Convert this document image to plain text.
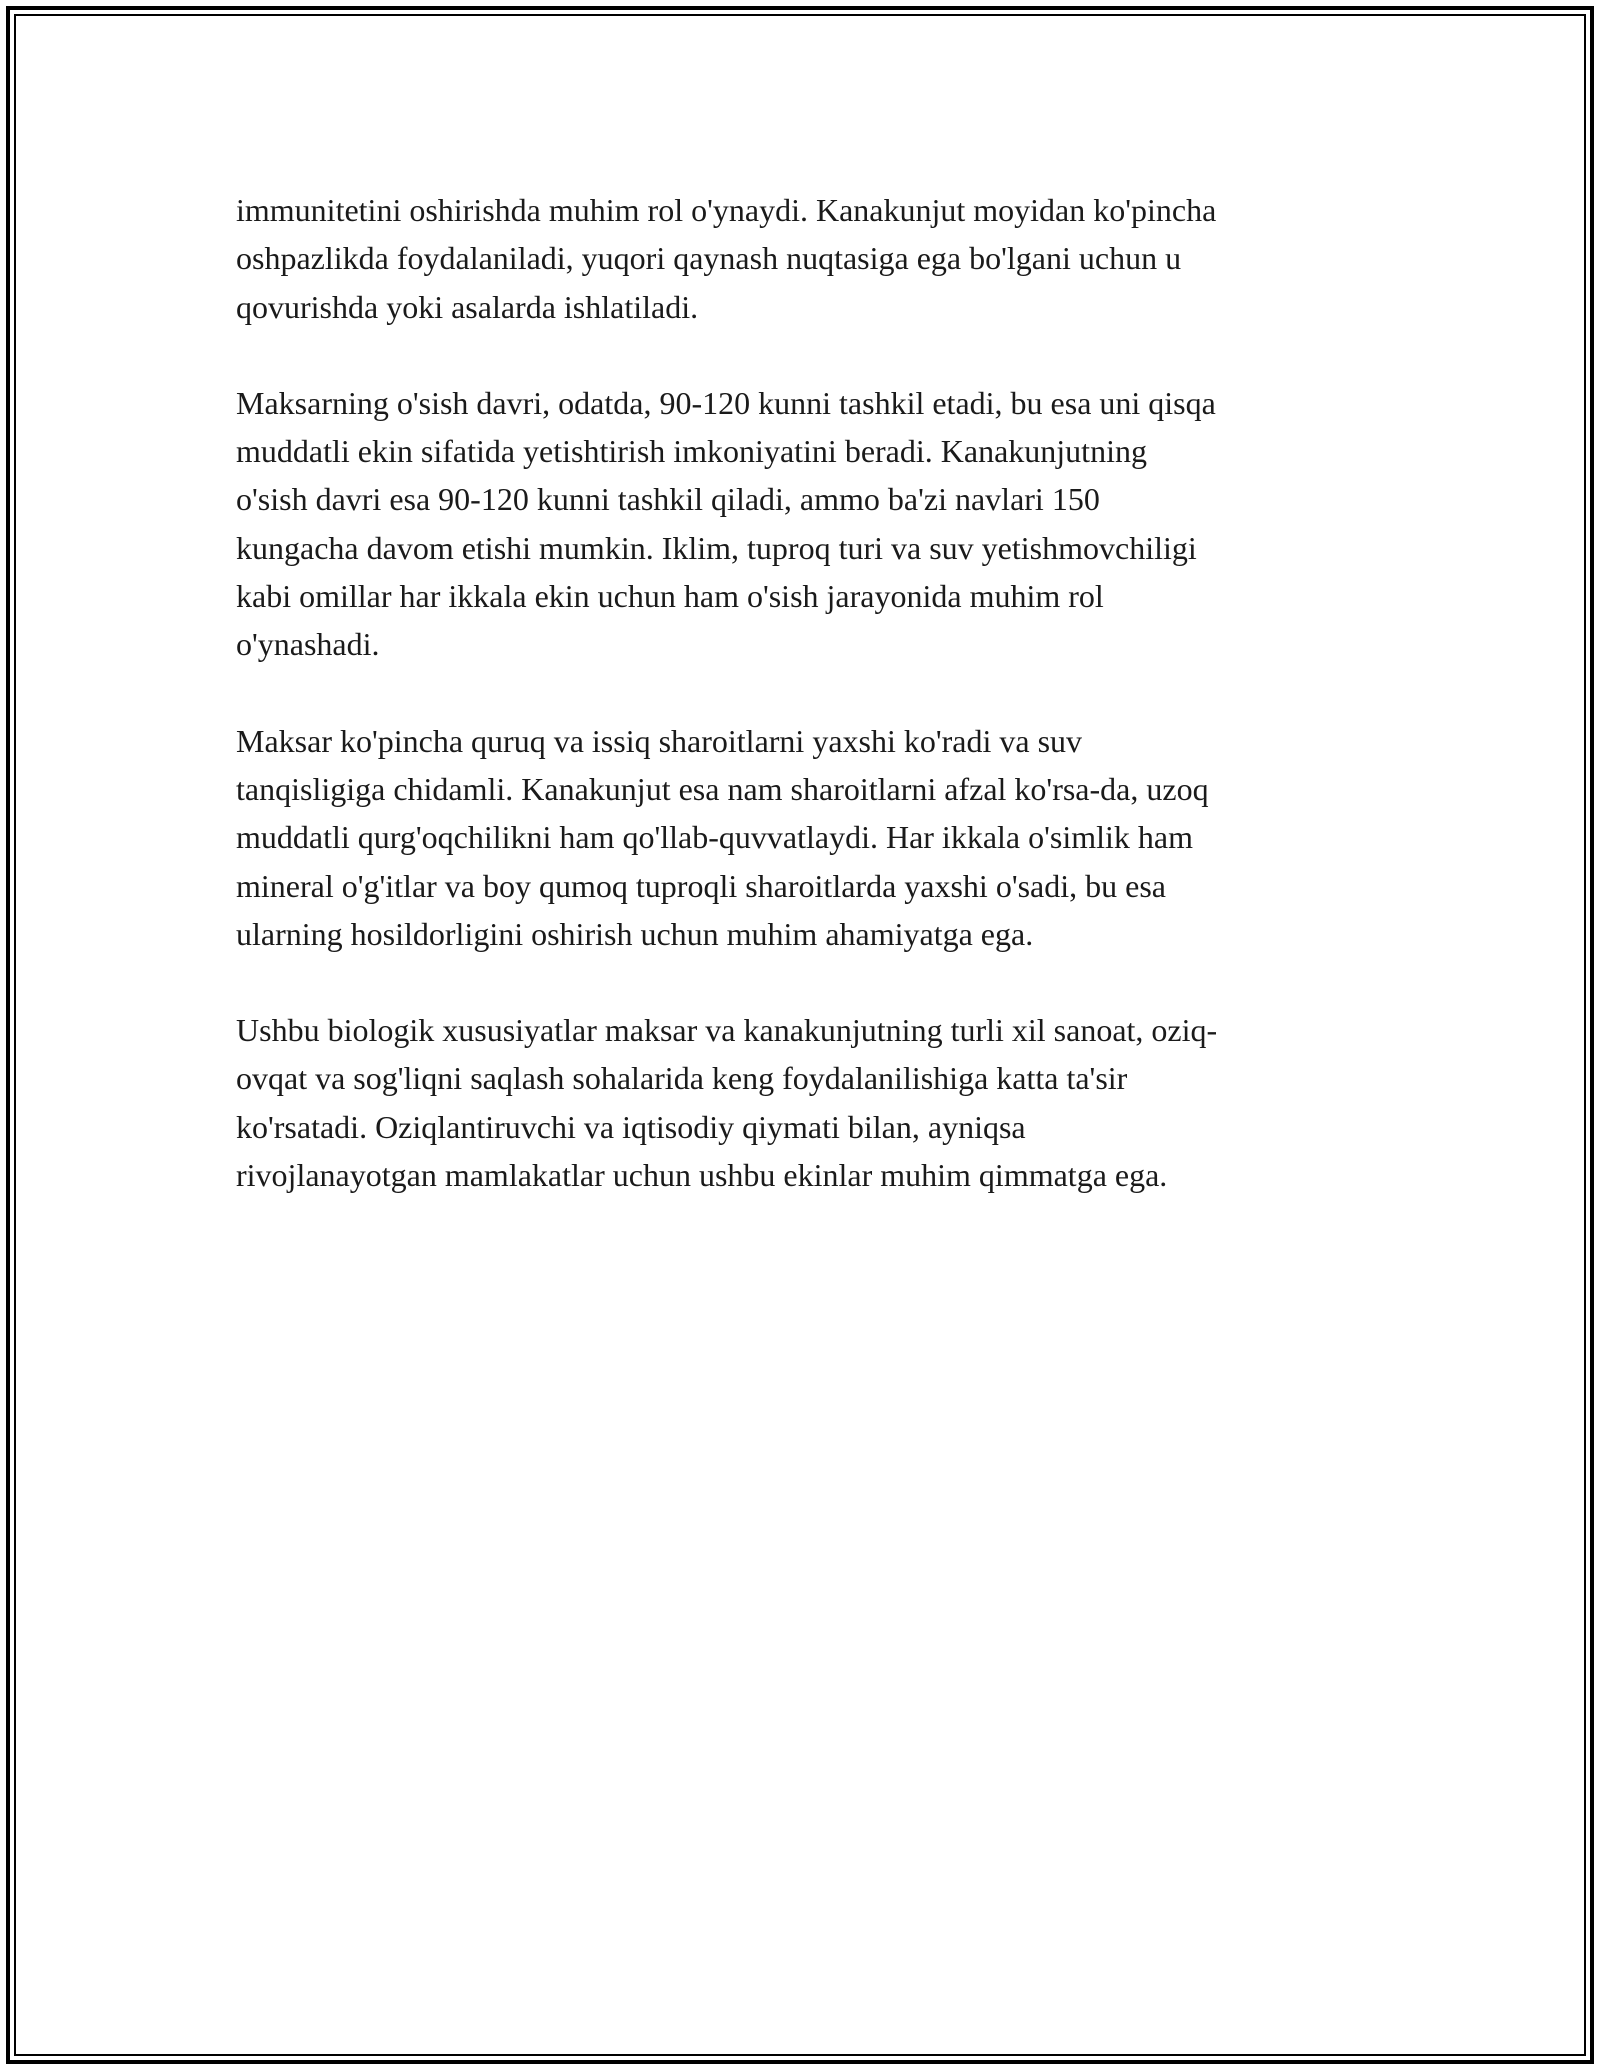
immunitetini oshirishda muhim rol o'ynaydi. Kanakunjut moyidan ko'pincha
oshpazlikda foydalaniladi, yuqori qaynash nuqtasiga ega bo'lgani uchun u
qovurishda yoki asalarda ishlatiladi.

Maksarning o'sish davri, odatda, 90-120 kunni tashkil etadi, bu esa uni qisqa
muddatli ekin sifatida yetishtirish imkoniyatini beradi. Kanakunjutning
o'sish davri esa 90-120 kunni tashkil qiladi, ammo ba'zi navlari 150
kungacha davom etishi mumkin. Iklim, tuproq turi va suv yetishmovchiligi
kabi omillar har ikkala ekin uchun ham o'sish jarayonida muhim rol
o'ynashadi.

Maksar ko'pincha quruq va issiq sharoitlarni yaxshi ko'radi va suv
tanqisligiga chidamli. Kanakunjut esa nam sharoitlarni afzal ko'rsa-da, uzoq
muddatli qurg'oqchilikni ham qo'llab-quvvatlaydi. Har ikkala o'simlik ham
mineral o'g'itlar va boy qumoq tuproqli sharoitlarda yaxshi o'sadi, bu esa
ularning hosildorligini oshirish uchun muhim ahamiyatga ega.

Ushbu biologik xususiyatlar maksar va kanakunjutning turli xil sanoat, oziq-
ovqat va sog'liqni saqlash sohalarida keng foydalanilishiga katta ta'sir
ko'rsatadi. Oziqlantiruvchi va iqtisodiy qiymati bilan, ayniqsa
rivojlanayotgan mamlakatlar uchun ushbu ekinlar muhim qimmatga ega.
